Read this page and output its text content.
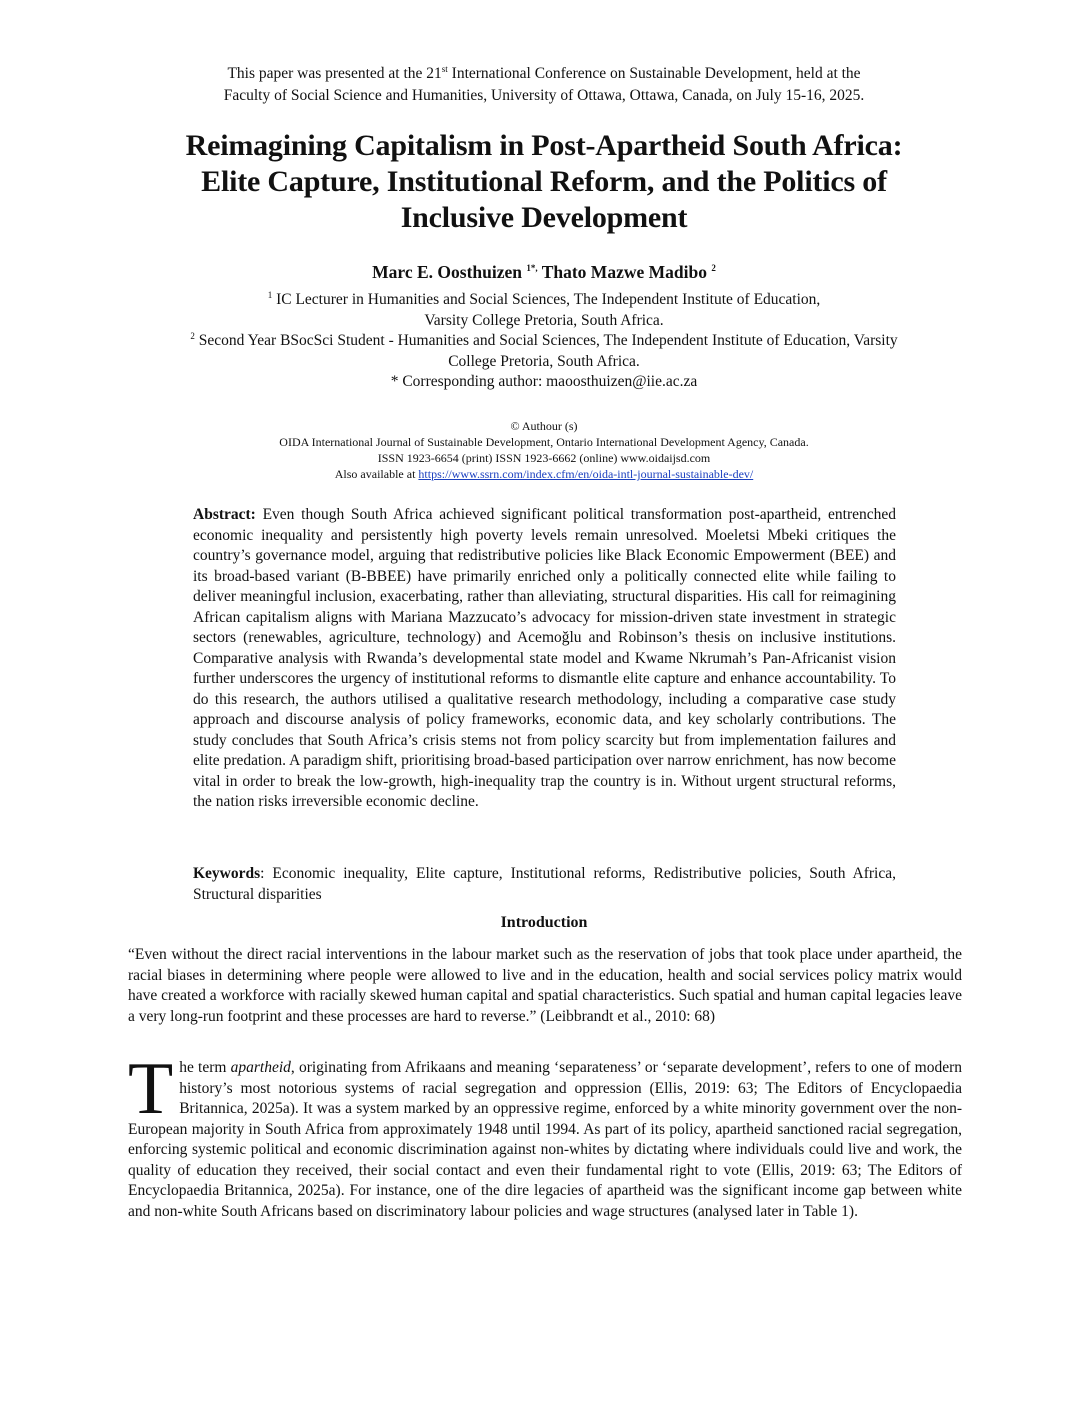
This paper was presented at the 21st International Conference on Sustainable Development, held at the
Faculty of Social Science and Humanities, University of Ottawa, Ottawa, Canada, on July 15-16, 2025.
Reimagining Capitalism in Post-Apartheid South Africa:
Elite Capture, Institutional Reform, and the Politics of
Inclusive Development
Marc E. Oosthuizen $^{1*,}$ Thato Mazwe Madibo $^2$

$^1$ IC Lecturer in Humanities and Social Sciences, The Independent Institute of Education,

Varsity College Pretoria, South Africa.

$^2$ Second Year BSocSci Student - Humanities and Social Sciences, The Independent Institute of Education, Varsity

College Pretoria, South Africa.

* Corresponding author: maoosthuizen@iie.ac.za

© Authour (s)

OIDA International Journal of Sustainable Development, Ontario International Development Agency, Canada.

ISSN 1923-6654 (print) ISSN 1923-6662 (online) www.oidaijsd.com

Also available at https://www.ssrn.com/index.cfm/en/oida-intl-journal-sustainable-dev/

Abstract: Even though South Africa achieved significant political transformation post-apartheid, entrenched economic inequality and persistently high poverty levels remain unresolved. Moeletsi Mbeki critiques the country’s governance model, arguing that redistributive policies like Black Economic Empowerment (BEE) and its broad-based variant (B-BBEE) have primarily enriched only a politically connected elite while failing to deliver meaningful inclusion, exacerbating, rather than alleviating, structural disparities. His call for reimagining African capitalism aligns with Mariana Mazzucato’s advocacy for mission-driven state investment in strategic sectors (renewables, agriculture, technology) and Acemoğlu and Robinson’s thesis on inclusive institutions. Comparative analysis with Rwanda’s developmental state model and Kwame Nkrumah’s Pan-Africanist vision further underscores the urgency of institutional reforms to dismantle elite capture and enhance accountability. To do this research, the authors utilised a qualitative research methodology, including a comparative case study approach and discourse analysis of policy frameworks, economic data, and key scholarly contributions. The study concludes that South Africa’s crisis stems not from policy scarcity but from implementation failures and elite predation. A paradigm shift, prioritising broad-based participation over narrow enrichment, has now become vital in order to break the low-growth, high-inequality trap the country is in. Without urgent structural reforms, the nation risks irreversible economic decline.

Keywords: Economic inequality, Elite capture, Institutional reforms, Redistributive policies, South Africa, Structural disparities
Introduction
“Even without the direct racial interventions in the labour market such as the reservation of jobs that took place under apartheid, the racial biases in determining where people were allowed to live and in the education, health and social services policy matrix would have created a workforce with racially skewed human capital and spatial characteristics. Such spatial and human capital legacies leave a very long-run footprint and these processes are hard to reverse.” (Leibbrandt et al., 2010: 68)
The term apartheid, originating from Afrikaans and meaning ‘separateness’ or ‘separate development’, refers to one of modern history’s most notorious systems of racial segregation and oppression (Ellis, 2019: 63; The Editors of Encyclopaedia Britannica, 2025a). It was a system marked by an oppressive regime, enforced by a white minority government over the non-European majority in South Africa from approximately 1948 until 1994. As part of its policy, apartheid sanctioned racial segregation, enforcing systemic political and economic discrimination against non-whites by dictating where individuals could live and work, the quality of education they received, their social contact and even their fundamental right to vote (Ellis, 2019: 63; The Editors of Encyclopaedia Britannica, 2025a). For instance, one of the dire legacies of apartheid was the significant income gap between white and non-white South Africans based on discriminatory labour policies and wage structures (analysed later in Table 1).
